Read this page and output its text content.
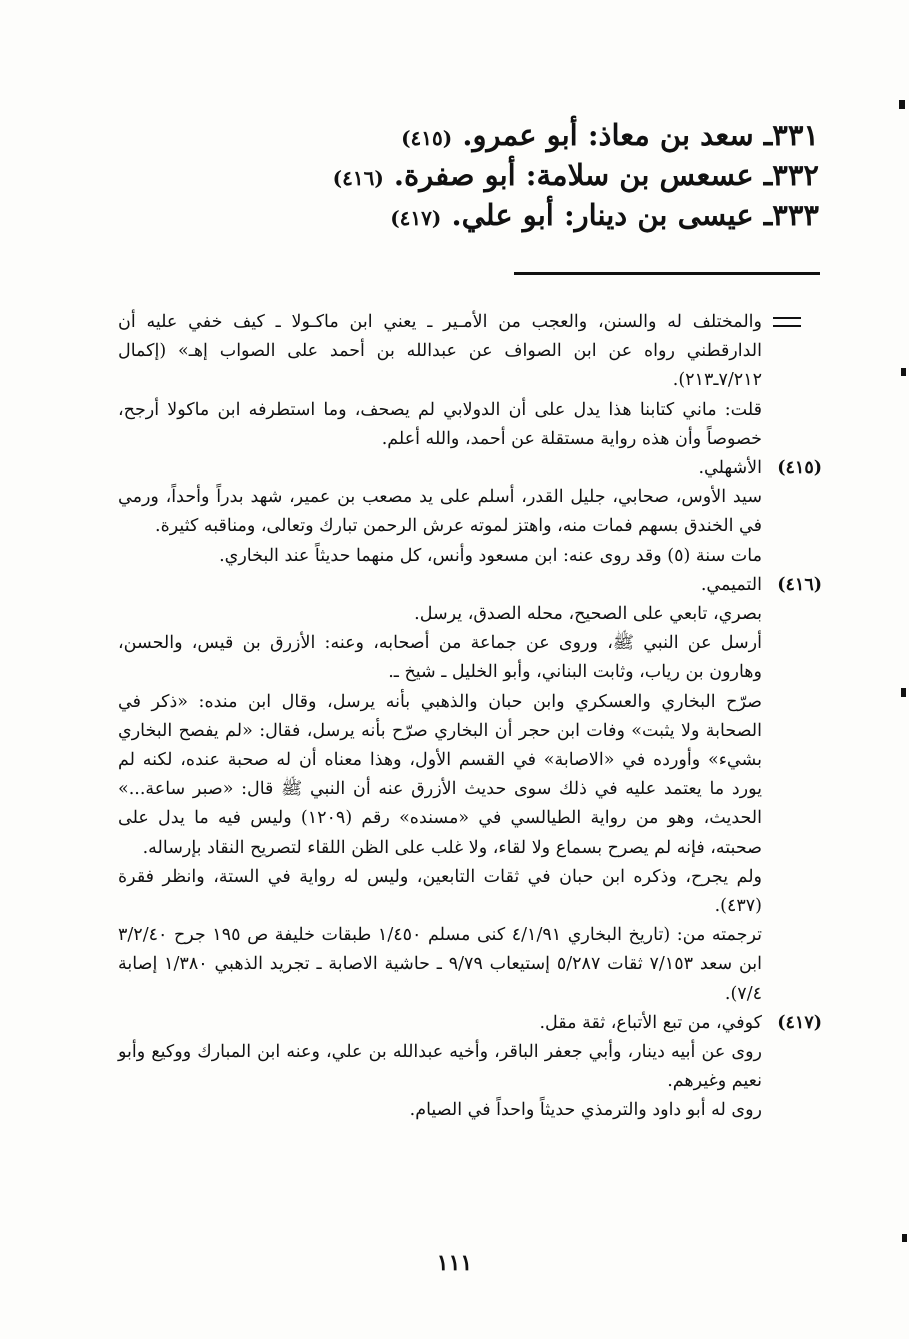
٣٣١ـ سعد بن معاذ: أبو عمرو. (٤١٥)
٣٣٢ـ عسعس بن سلامة: أبو صفرة. (٤١٦)
٣٣٣ـ عيسى بن دينار: أبو علي. (٤١٧)

والمختلف له والسنن، والعجب من الأمـير ـ يعني ابن ماكـولا ـ كيف خفي عليه أن الدارقطني رواه عن ابن الصواف عن عبدالله بن أحمد على الصواب إهـ» (إكمال ٧/٢١٢ـ٢١٣).

قلت: ماني كتابنا هذا يدل على أن الدولابي لم يصحف، وما استطرفه ابن ماكولا أرجح، خصوصاً وأن هذه رواية مستقلة عن أحمد، والله أعلم.

(٤١٥)
الأشهلي.

سيد الأوس، صحابي، جليل القدر، أسلم على يد مصعب بن عمير، شهد بدراً وأحداً، ورمي في الخندق بسهم فمات منه، واهتز لموته عرش الرحمن تبارك وتعالى، ومناقبه كثيرة.

مات سنة (٥) وقد روى عنه: ابن مسعود وأنس، كل منهما حديثاً عند البخاري.

(٤١٦)
التميمي.

بصري، تابعي على الصحيح، محله الصدق، يرسل.

أرسل عن النبي ﷺ، وروى عن جماعة من أصحابه، وعنه: الأزرق بن قيس، والحسن، وهارون بن رياب، وثابت البناني، وأبو الخليل ـ شيخ ـ.

صرّح البخاري والعسكري وابن حبان والذهبي بأنه يرسل، وقال ابن منده: «ذكر في الصحابة ولا يثبت» وفات ابن حجر أن البخاري صرّح بأنه يرسل، فقال: «لم يفصح البخاري بشيء» وأورده في «الاصابة» في القسم الأول، وهذا معناه أن له صحبة عنده، لكنه لم يورد ما يعتمد عليه في ذلك سوى حديث الأزرق عنه أن النبي ﷺ قال: «صبر ساعة...» الحديث، وهو من رواية الطيالسي في «مسنده» رقم (١٢٠٩) وليس فيه ما يدل على صحبته، فإنه لم يصرح بسماع ولا لقاء، ولا غلب على الظن اللقاء لتصريح النقاد بإرساله.

ولم يجرح، وذكره ابن حبان في ثقات التابعين، وليس له رواية في الستة، وانظر فقرة (٤٣٧).

ترجمته من: (تاريخ البخاري ٤/١/٩١ كنى مسلم ١/٤٥٠ طبقات خليفة ص ١٩٥ جرح ٣/٢/٤٠ ابن سعد ٧/١٥٣ ثقات ٥/٢٨٧ إستيعاب ٩/٧٩ ـ حاشية الاصابة ـ تجريد الذهبي ١/٣٨٠ إصابة ٧/٤).

(٤١٧)
كوفي، من تبع الأتباع، ثقة مقل.

روى عن أبيه دينار، وأبي جعفر الباقر، وأخيه عبدالله بن علي، وعنه ابن المبارك ووكيع وأبو نعيم وغيرهم.

روى له أبو داود والترمذي حديثاً واحداً في الصيام.

١١١
